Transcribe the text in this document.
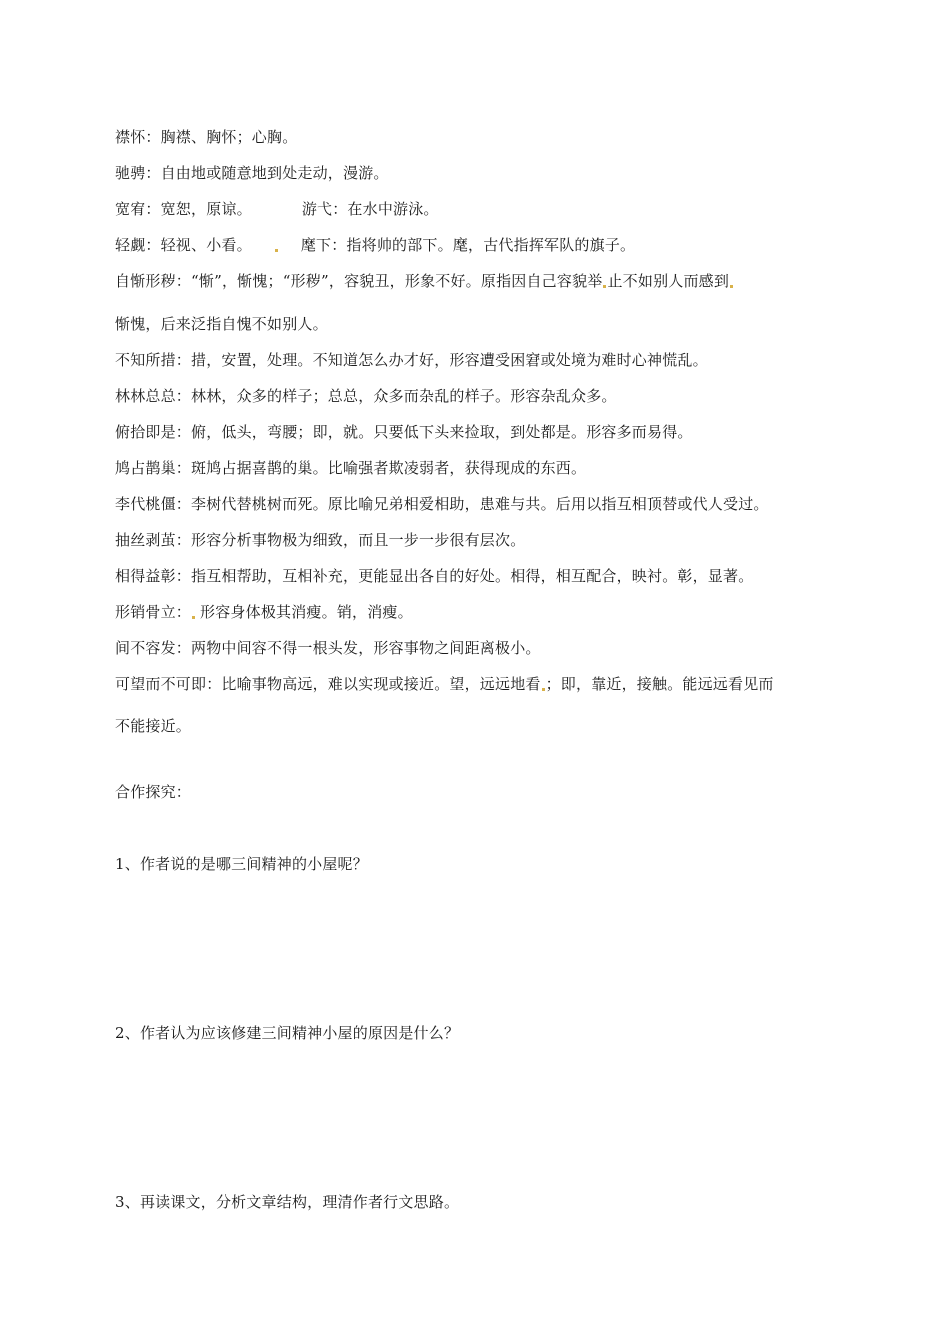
襟怀：胸襟、胸怀；心胸。
驰骋：自由地或随意地到处走动，漫游。
宽宥：宽恕，原谅。	游弋：在水中游泳。
轻觑：轻视、小看。	麾下：指将帅的部下。麾，古代指挥军队的旗子。
自惭形秽：“惭”，惭愧；“形秽”，容貌丑，形象不好。原指因自己容貌举 止不如别人而感到
惭愧，后来泛指自愧不如别人。
不知所措：措，安置，处理。不知道怎么办才好，形容遭受困窘或处境为难时心神慌乱。
林林总总：林林，众多的样子；总总，众多而杂乱的样子。形容杂乱众多。
俯拾即是：俯，低头，弯腰；即，就。只要低下头来捡取，到处都是。形容多而易得。
鸠占鹊巢：斑鸠占据喜鹊的巢。比喻强者欺凌弱者，获得现成的东西。
李代桃僵：李树代替桃树而死。原比喻兄弟相爱相助，患难与共。后用以指互相顶替或代人受过。
抽丝剥茧：形容分析事物极为细致，而且一步一步很有层次。
相得益彰：指互相帮助，互相补充，更能显出各自的好处。相得，相互配合，映衬。彰，显著。
形销骨立： 形容身体极其消瘦。销，消瘦。
间不容发：两物中间容不得一根头发，形容事物之间距离极小。
可望而不可即：比喻事物高远，难以实现或接近。望，远远地看 ；即，靠近，接触。能远远看见而
不能接近。
合作探究：
1、作者说的是哪三间精神的小屋呢？
2、作者认为应该修建三间精神小屋的原因是什么？
3、再读课文，分析文章结构，理清作者行文思路。
